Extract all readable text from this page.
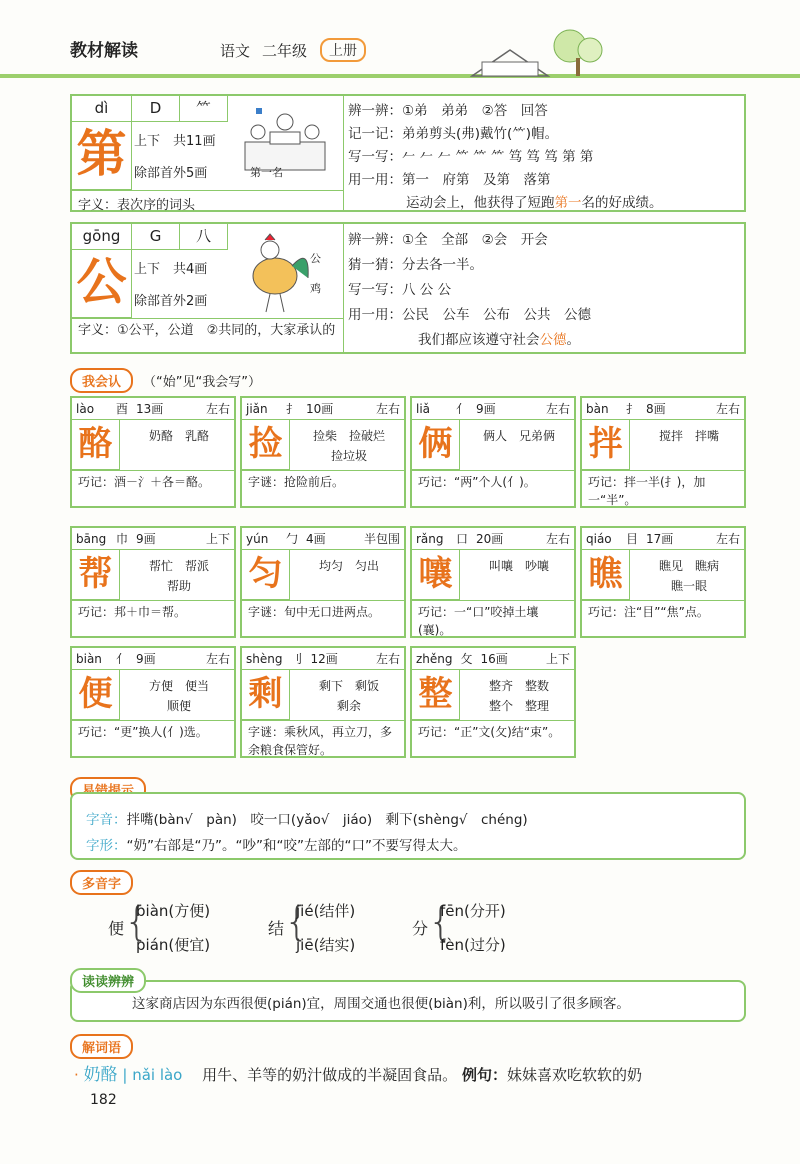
教材解读	语文 二年级	上册
dì	D	⺮
第 上下　 共11画
除部首外5画	第一名
字义：表次序的词头
辨一辨：①弟　弟弟　②答　回答
记一记：弟弟剪头(弗)戴竹(⺮)帽。
写一写：𠂉 𠂉 𠂉 ⺮ ⺮ ⺮ 笃 笃 笃 第 第
用一用：第一　府第　及第　落第
运动会上，他获得了短跑第一名的好成绩。
gōng	G	八
公 上下　 共4画
除部首外2画
公
鸡
字义：①公平，公道　②共同的，大家承认的
辨一辨：①全　全部　②会　开会
猜一猜：分去各一半。
写一写：八 公 公
用一用：公民　公车　公布　公共　公德
我们都应该遵守社会公德。
我会认	（“始”见“我会写”）
lào	酉 13画	左右
酪	奶酪　乳酪
巧记：酒－氵＋各＝酪。
jiǎn	扌 10画	左右
捡	捡柴　捡破烂
捡垃圾
字谜：抢险前后。
liǎ	亻 9画	左右
俩	俩人　兄弟俩
巧记：“两”个人(亻)。
bàn	扌 8画	左右
拌	搅拌　拌嘴
巧记：拌一半(扌)，加一“半”。
bāng 巾 9画	上下
帮	帮忙　帮派
帮助
巧记：邦＋巾＝帮。
yún	勹 4画	半包围
匀	均匀　匀出
字谜：旬中无口进两点。
rǎng	口 20画	左右
嚷	叫嚷　吵嚷
巧记：一“口”咬掉土壤(襄)。
qiáo	目 17画	左右
瞧	瞧见　瞧病
瞧一眼
巧记：注“目”“焦”点。
biàn	亻 9画	左右
便	方便　便当
顺便
巧记：“更”换人(亻)选。
shèng 刂 12画	左右
剩	剩下　剩饭
剩余
字谜：乘秋风，再立刀，多余粮食保管好。
zhěng 攵 16画	上下
整	整齐　整数
整个　整理
巧记：“正”文(攵)结“束”。
字音：拌嘴(bàn√　pàn)　咬一口(yǎo√　jiáo)　剩下(shèng√　chéng)
字形：“奶”右部是“乃”。“吵”和“咬”左部的“口”不要写得太大。
多音字
便 {
biàn(方便)
pián(便宜)
结 {
jié(结伴)
jiē(结实)
分 {
fēn(分开)
fèn(过分)
读读辨辨
这家商店因为东西很便(pián)宜，周围交通也很便(biàn)利，所以吸引了很多顾客。
解词语
· 奶酪 | nǎi lào 　 用牛、羊等的奶汁做成的半凝固食品。 例句：妹妹喜欢吃软软的奶
182
